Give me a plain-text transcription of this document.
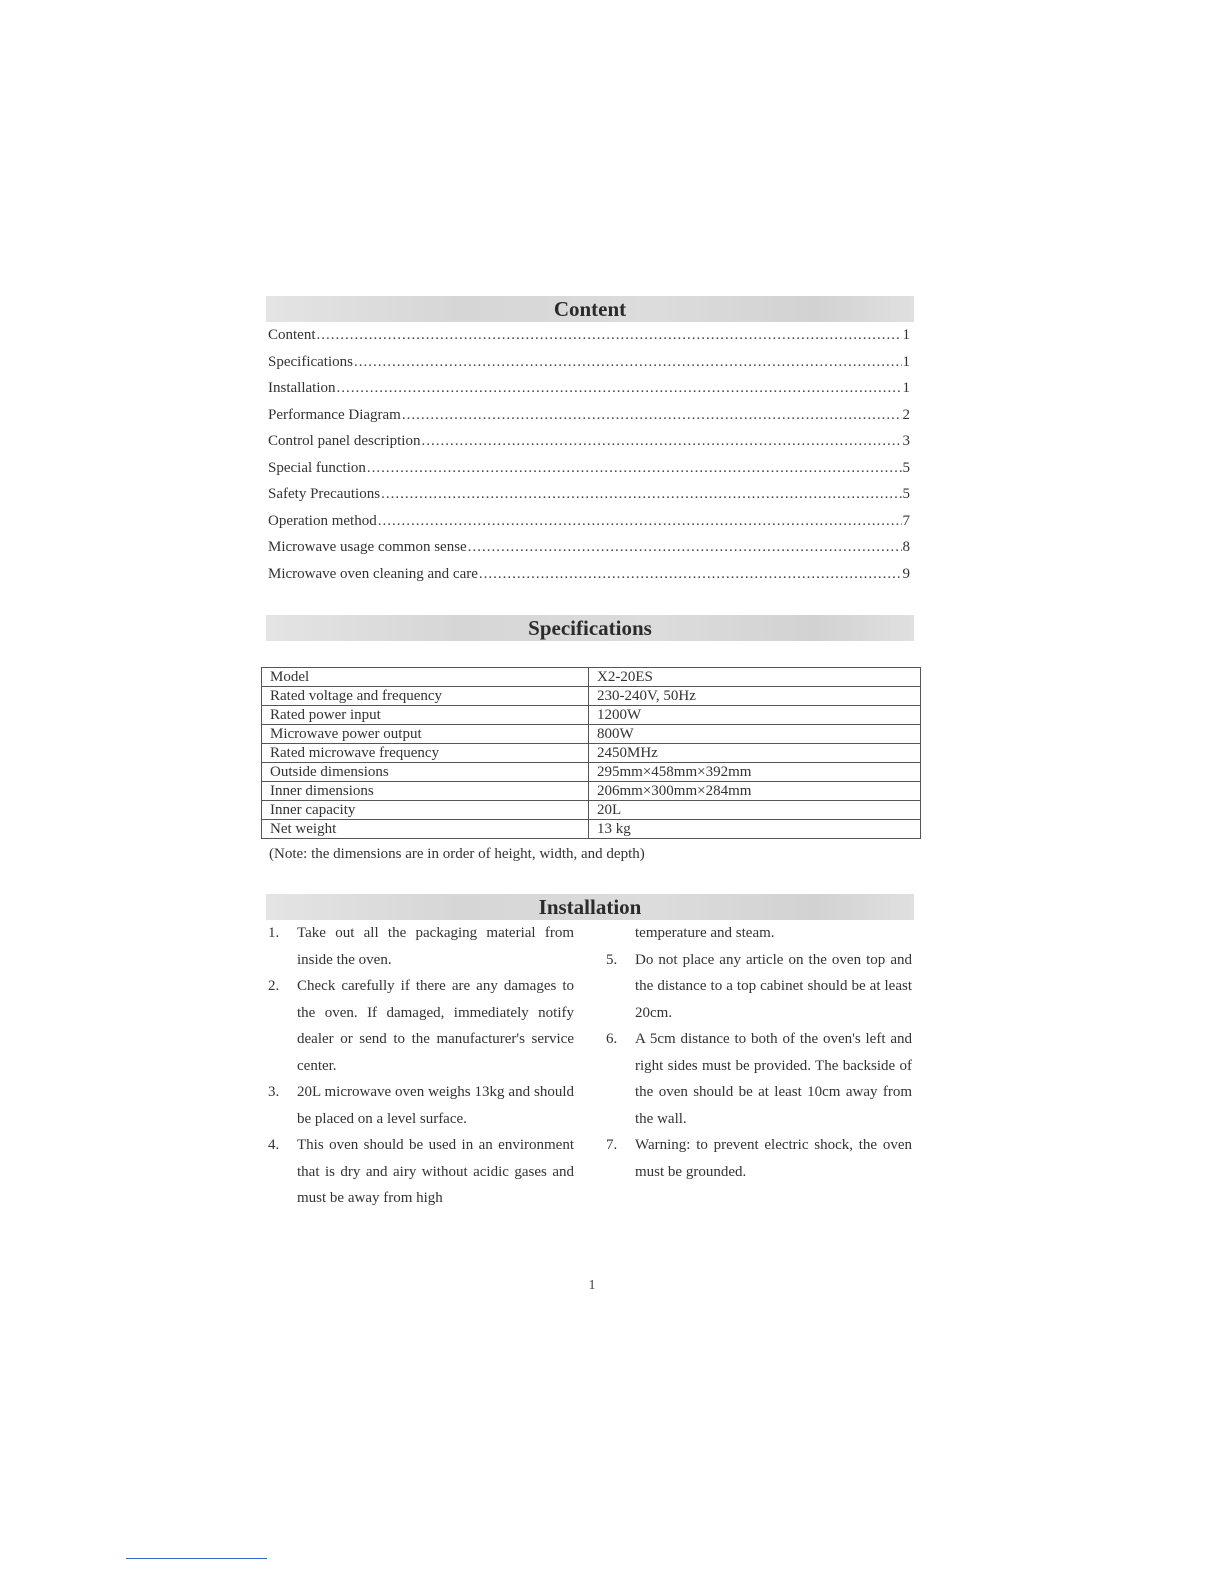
Content
Content .....	1
Specifications .....	1
Installation .....	1
Performance Diagram .....	2
Control panel description .....	3
Special function .....	5
Safety Precautions .....	5
Operation method .....	7
Microwave usage common sense .....	8
Microwave oven cleaning and care .....	9
Specifications
Model	X2-20ES
Rated voltage and frequency	230-240V, 50Hz
Rated power input	1200W
Microwave power output	800W
Rated microwave frequency	2450MHz
Outside dimensions	295mm×458mm×392mm
Inner dimensions	206mm×300mm×284mm
Inner capacity	20L
Net weight	13 kg
(Note: the dimensions are in order of height, width, and depth)
Installation
1.	Take out all the packaging material from inside the oven.
2.	Check carefully if there are any damages to the oven. If damaged, immediately notify dealer or send to the manufacturer's service center.
3.	20L microwave oven weighs 13kg and should be placed on a level surface.
4.	This oven should be used in an environment that is dry and airy without acidic gases and must be away from high
temperature and steam.
5.	Do not place any article on the oven top and the distance to a top cabinet should be at least 20cm.
6.	A 5cm distance to both of the oven's left and right sides must be provided. The backside of the oven should be at least 10cm away from the wall.
7.	Warning: to prevent electric shock, the oven must be grounded.
1
